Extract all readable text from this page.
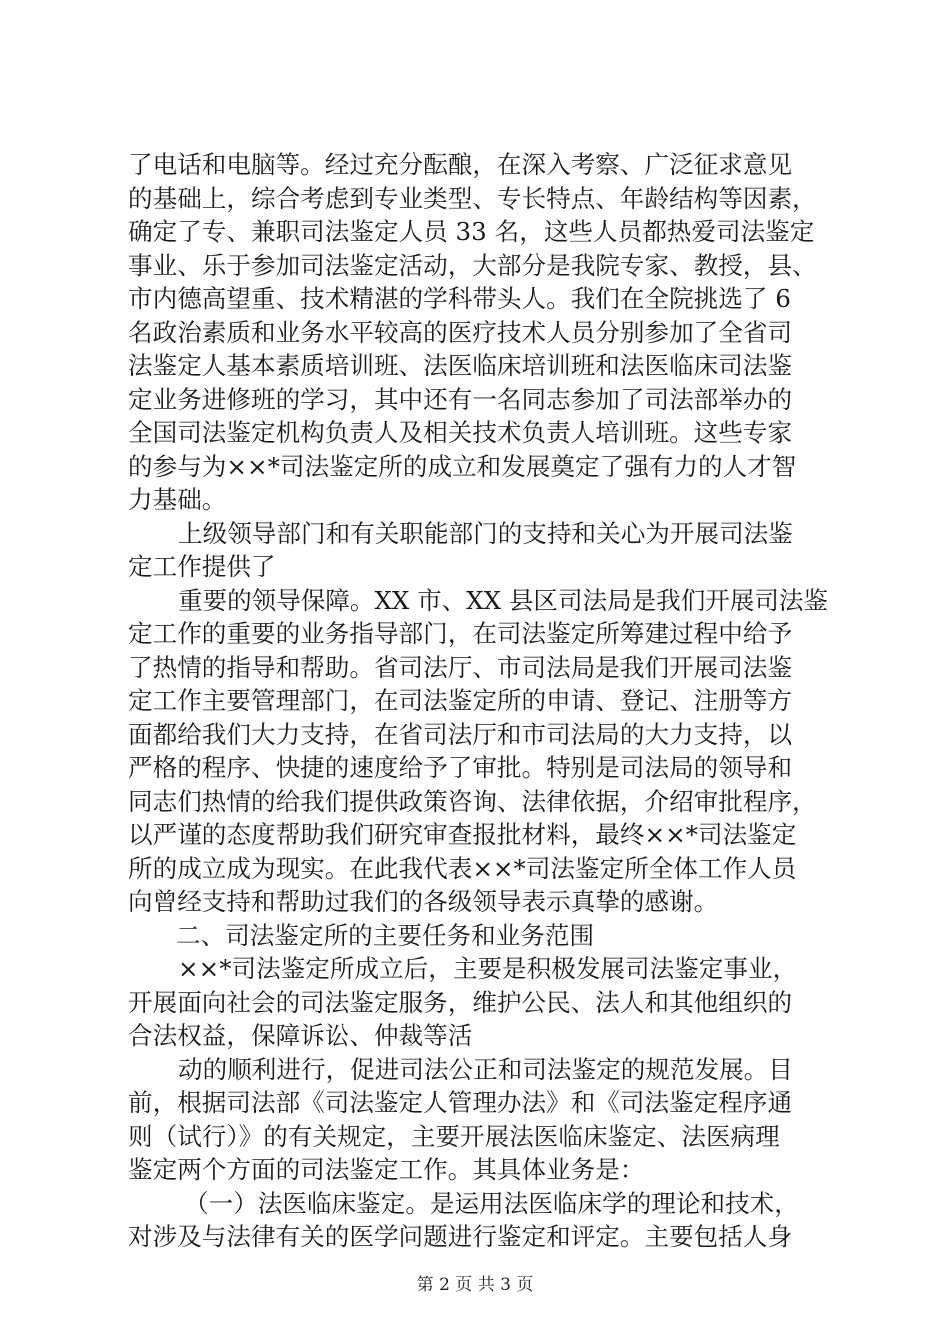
了电话和电脑等。经过充分酝酿，在深入考察、广泛征求意见
的基础上，综合考虑到专业类型、专长特点、年龄结构等因素，
确定了专、兼职司法鉴定人员 33 名，这些人员都热爱司法鉴定
事业、乐于参加司法鉴定活动，大部分是我院专家、教授，县、
市内德高望重、技术精湛的学科带头人。我们在全院挑选了 6
名政治素质和业务水平较高的医疗技术人员分别参加了全省司
法鉴定人基本素质培训班、法医临床培训班和法医临床司法鉴
定业务进修班的学习，其中还有一名同志参加了司法部举办的
全国司法鉴定机构负责人及相关技术负责人培训班。这些专家
的参与为××*司法鉴定所的成立和发展奠定了强有力的人才智
力基础。
上级领导部门和有关职能部门的支持和关心为开展司法鉴
定工作提供了
重要的领导保障。XX 市、XX 县区司法局是我们开展司法鉴
定工作的重要的业务指导部门，在司法鉴定所筹建过程中给予
了热情的指导和帮助。省司法厅、市司法局是我们开展司法鉴
定工作主要管理部门，在司法鉴定所的申请、登记、注册等方
面都给我们大力支持，在省司法厅和市司法局的大力支持，以
严格的程序、快捷的速度给予了审批。特别是司法局的领导和
同志们热情的给我们提供政策咨询、法律依据，介绍审批程序，
以严谨的态度帮助我们研究审查报批材料，最终××*司法鉴定
所的成立成为现实。在此我代表××*司法鉴定所全体工作人员
向曾经支持和帮助过我们的各级领导表示真挚的感谢。
二、司法鉴定所的主要任务和业务范围
××*司法鉴定所成立后，主要是积极发展司法鉴定事业，
开展面向社会的司法鉴定服务，维护公民、法人和其他组织的
合法权益，保障诉讼、仲裁等活
动的顺利进行，促进司法公正和司法鉴定的规范发展。目
前，根据司法部《司法鉴定人管理办法》和《司法鉴定程序通
则（试行）》的有关规定，主要开展法医临床鉴定、法医病理
鉴定两个方面的司法鉴定工作。其具体业务是：
（一）法医临床鉴定。是运用法医临床学的理论和技术，
对涉及与法律有关的医学问题进行鉴定和评定。主要包括人身
第 2 页 共 3 页
